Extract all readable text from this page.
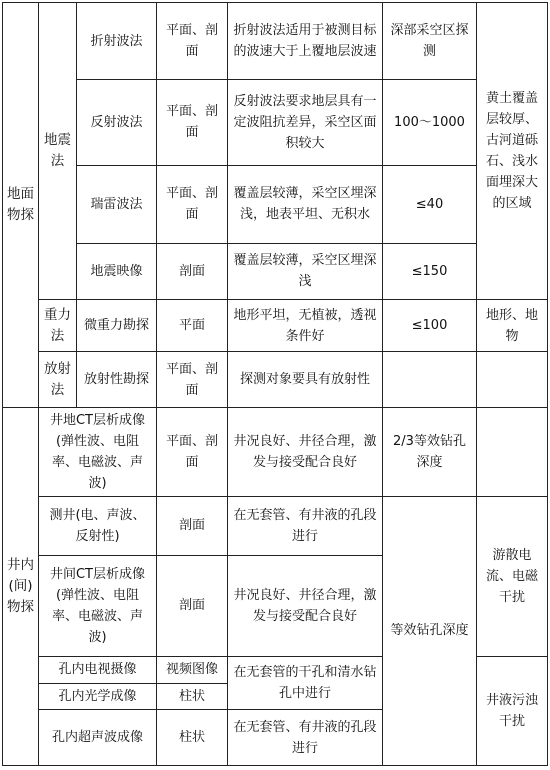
地面物探	地震法	折射波法	平面、剖面	折射波法适用于被测目标的波速大于上覆地层波速	深部采空区探测	黄土覆盖层较厚、古河道砾石、浅水面埋深大的区域
		反射波法	平面、剖面	反射波法要求地层具有一定波阻抗差异，采空区面积较大	100～1000	
		瑞雷波法	平面、剖面	覆盖层较薄，采空区埋深浅，地表平坦、无积水	≤40	
		地震映像	剖面	覆盖层较薄，采空区埋深浅	≤150	
	重力法	微重力勘探	平面	地形平坦，无植被，透视条件好	≤100	地形、地物
	放射法	放射性勘探	平面、剖面	探测对象要具有放射性		
井内(间)物探	井地CT层析成像(弹性波、电阻率、电磁波、声波)		平面、剖面	井况良好、井径合理，激发与接受配合良好	2/3等效钻孔深度	
	测井(电、声波、反射性)		剖面	在无套管、有井液的孔段进行	等效钻孔深度	游散电流、电磁干扰
	井间CT层析成像(弹性波、电阻率、电磁波、声波)		剖面	井况良好、井径合理，激发与接受配合良好		
	孔内电视摄像		视频图像	在无套管的干孔和清水钻孔中进行		井液污浊干扰
	孔内光学成像		柱状			
	孔内超声波成像		柱状	在无套管、有井液的孔段进行		
